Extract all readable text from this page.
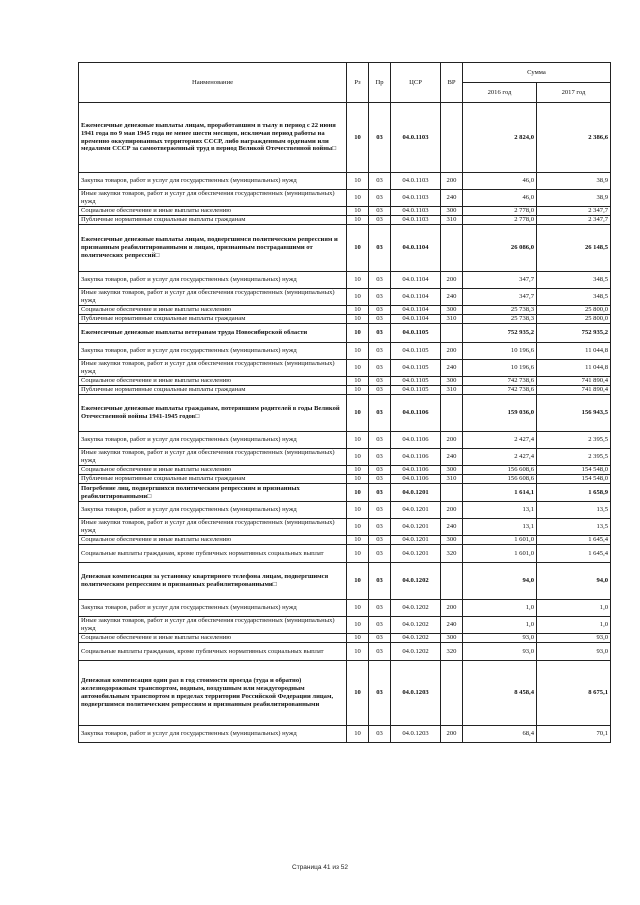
Наименование	Рз	Пр	ЦСР	ВР	Сумма	
					2016 год	2017 год
Ежемесячные денежные выплаты лицам, проработавшим в тылу в период с 22 июня 1941 года по 9 мая 1945 года не менее шести месяцев, исключая период работы на временно оккупированных территориях СССР, либо награжденным орденами или медалями СССР за самоотверженный труд в период Великой Отечественной войны□	10	03	04.0.1103		2 824,0	2 386,6
Закупка товаров, работ и услуг для государственных (муниципальных) нужд	10	03	04.0.1103	200	46,0	38,9
Иные закупки товаров, работ и услуг для обеспечения государственных (муниципальных) нужд	10	03	04.0.1103	240	46,0	38,9
Социальное обеспечение и иные выплаты населению	10	03	04.0.1103	300	2 778,0	2 347,7
Публичные нормативные социальные выплаты гражданам	10	03	04.0.1103	310	2 778,0	2 347,7
Ежемесячные денежные выплаты лицам, подвергшимся политическим репрессиям и признанным реабилитированными и лицам, признанным пострадавшими от политических репрессий□	10	03	04.0.1104		26 086,0	26 148,5
Закупка товаров, работ и услуг для государственных (муниципальных) нужд	10	03	04.0.1104	200	347,7	348,5
Иные закупки товаров, работ и услуг для обеспечения государственных (муниципальных) нужд	10	03	04.0.1104	240	347,7	348,5
Социальное обеспечение и иные выплаты населению	10	03	04.0.1104	300	25 738,3	25 800,0
Публичные нормативные социальные выплаты гражданам	10	03	04.0.1104	310	25 738,3	25 800,0
Ежемесячные денежные выплаты ветеранам труда Новосибирской области	10	03	04.0.1105		752 935,2	752 935,2
Закупка товаров, работ и услуг для государственных (муниципальных) нужд	10	03	04.0.1105	200	10 196,6	11 044,8
Иные закупки товаров, работ и услуг для обеспечения государственных (муниципальных) нужд	10	03	04.0.1105	240	10 196,6	11 044,8
Социальное обеспечение и иные выплаты населению	10	03	04.0.1105	300	742 738,6	741 890,4
Публичные нормативные социальные выплаты гражданам	10	03	04.0.1105	310	742 738,6	741 890,4
Ежемесячные денежные выплаты гражданам, потерявшим родителей в годы Великой Отечественной войны 1941-1945 годов□	10	03	04.0.1106		159 036,0	156 943,5
Закупка товаров, работ и услуг для государственных (муниципальных) нужд	10	03	04.0.1106	200	2 427,4	2 395,5
Иные закупки товаров, работ и услуг для обеспечения государственных (муниципальных) нужд	10	03	04.0.1106	240	2 427,4	2 395,5
Социальное обеспечение и иные выплаты населению	10	03	04.0.1106	300	156 608,6	154 548,0
Публичные нормативные социальные выплаты гражданам	10	03	04.0.1106	310	156 608,6	154 548,0
Погребение лиц, подвергшихся политическим репрессиям и признанных реабилитированными□	10	03	04.0.1201		1 614,1	1 658,9
Закупка товаров, работ и услуг для государственных (муниципальных) нужд	10	03	04.0.1201	200	13,1	13,5
Иные закупки товаров, работ и услуг для обеспечения государственных (муниципальных) нужд	10	03	04.0.1201	240	13,1	13,5
Социальное обеспечение и иные выплаты населению	10	03	04.0.1201	300	1 601,0	1 645,4
Социальные выплаты гражданам, кроме публичных нормативных социальных выплат	10	03	04.0.1201	320	1 601,0	1 645,4
Денежная компенсация за установку квартирного телефона лицам, подвергшимся политическим репрессиям и признанных реабилитированными□	10	03	04.0.1202		94,0	94,0
Закупка товаров, работ и услуг для государственных (муниципальных) нужд	10	03	04.0.1202	200	1,0	1,0
Иные закупки товаров, работ и услуг для обеспечения государственных (муниципальных) нужд	10	03	04.0.1202	240	1,0	1,0
Социальное обеспечение и иные выплаты населению	10	03	04.0.1202	300	93,0	93,0
Социальные выплаты гражданам, кроме публичных нормативных социальных выплат	10	03	04.0.1202	320	93,0	93,0
Денежная компенсация один раз в год стоимости проезда (туда и обратно) железнодорожным транспортом, водным, воздушным или междугородным автомобильным транспортом в пределах территории Российской Федерации лицам, подвергшимся политическим репрессиям и признанным реабилитированными	10	03	04.0.1203		8 458,4	8 675,1
Закупка товаров, работ и услуг для государственных (муниципальных) нужд	10	03	04.0.1203	200	68,4	70,1
Страница 41 из 52
